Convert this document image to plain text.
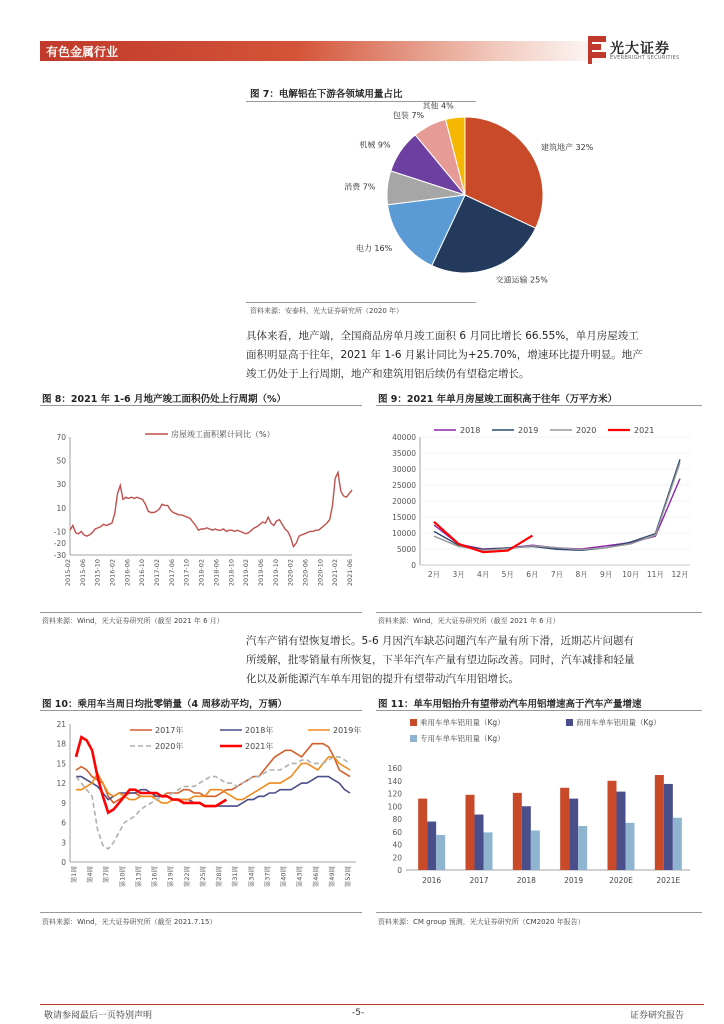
有色金属行业	光大证券
EVERBRIGHT SECURITIES
图 7：电解铝在下游各领域用量占比
建筑地产 32%
交通运输 25%
电力 16%
消费 7%
机械 9%
包装 7%
其他 4%
资料来源：安泰科，光大证券研究所（2020 年）
具体来看，地产端，全国商品房单月竣工面积 6 月同比增长 66.55%，单月房屋竣工
面积明显高于往年，2021 年 1-6 月累计同比为+25.70%，增速环比提升明显。地产
竣工仍处于上行周期，地产和建筑用铝后续仍有望稳定增长。
图 8：2021 年 1-6 月地产竣工面积仍处上行周期（%）
70
50
30
10
-10
-20
-30
房屋竣工面积累计同比（%）
2015-02 2015-06 2015-10 2016-02 2016-06 2016-10 2017-02 2017-06 2017-10 2018-02 2018-06 2018-10 2019-02 2019-06 2019-10 2020-02 2020-06 2020-10 2021-02 2021-06
资料来源：Wind，光大证券研究所（截至 2021 年 6 月）
图 9：2021 年单月房屋竣工面积高于往年（万平方米）
40000
35000
30000
25000
20000
15000
10000
5000
0
2018	2019	2020	2021
2月 3月 4月 5月 6月 7月 8月 9月 10月 11月 12月
资料来源：Wind，光大证券研究所（截至 2021 年 6 月）
汽车产销有望恢复增长。5-6 月因汽车缺芯问题汽车产量有所下滑，近期芯片问题有
所缓解，批零销量有所恢复，下半年汽车产量有望边际改善。同时，汽车减排和轻量
化以及新能源汽车单车用铝的提升有望带动汽车用铝增长。
图 10：乘用车当周日均批零销量（4 周移动平均，万辆）
21
18
15
12
9
6
3
0
2017年	2018年	2019年
2020年	2021年
第1周 第4周 第7周 第10周 第13周 第16周 第19周 第22周 第25周 第28周 第31周 第34周 第37周 第40周 第43周 第46周 第49周 第52周
资料来源：Wind，光大证券研究所（截至 2021.7.15）
图 11：单车用铝抬升有望带动汽车用铝增速高于汽车产量增速
160
140
120
100
80
60
40
20
0
2016	2017	2018	2019	2020E	2021E
乘用车单车铝用量（Kg）	商用车单车铝用量（Kg）
专用车单车铝用量（Kg）
资料来源：CM group 预测，光大证券研究所（CM2020 年报告）
敬请参阅最后一页特别声明	-5-	证券研究报告
